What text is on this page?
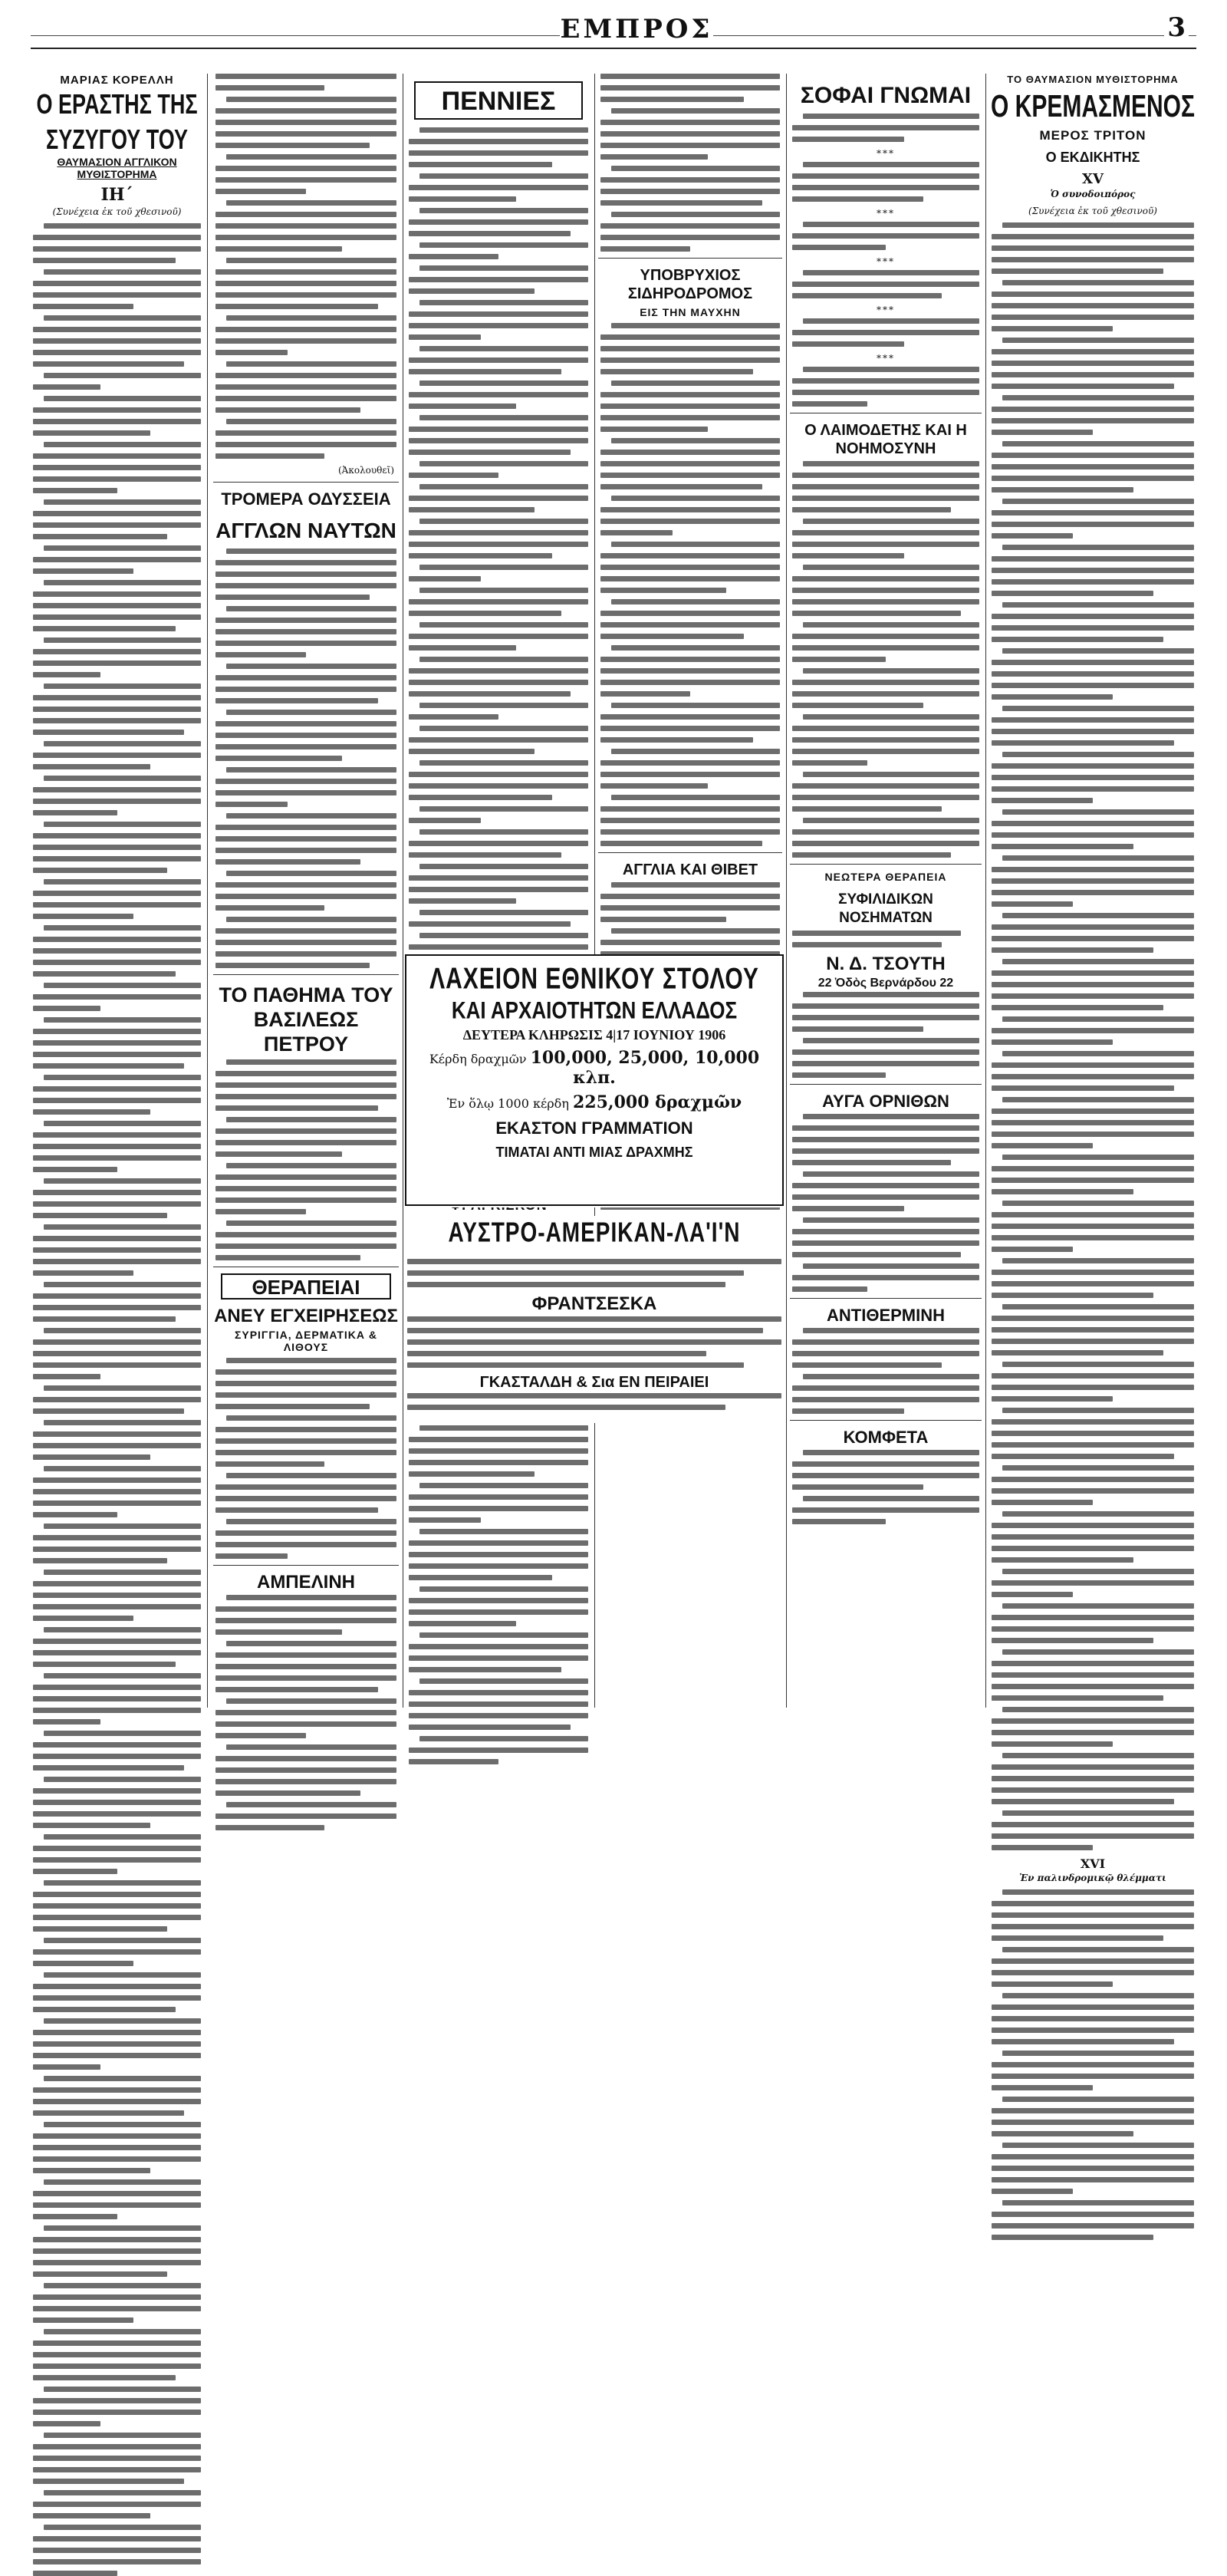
ΕΜΠΡΟΣ	3
ΜΑΡΙΑΣ ΚΟΡΕΛΛΗ
Ο ΕΡΑΣΤΗΣ ΤΗΣ ΣΥΖΥΓΟΥ ΤΟΥ
ΘΑΥΜΑΣΙΟΝ ΑΓΓΛΙΚΟΝ ΜΥΘΙΣΤΟΡΗΜΑ
ΙΗ΄
(Συνέχεια ἐκ τοῦ χθεσινοῦ)
(Ἀκολουθεῖ)
ΤΡΟΜΕΡΑ ΟΔΥΣΣΕΙΑ
ΑΓΓΛΩΝ ΝΑΥΤΩΝ
ΤΟ ΠΑΘΗΜΑ ΤΟΥ ΒΑΣΙΛΕΩΣ ΠΕΤΡΟΥ
ΘΕΡΑΠΕΙΑΙ
ΑΝΕΥ ΕΓΧΕΙΡΗΣΕΩΣ
ΣΥΡΙΓΓΙΑ, ΔΕΡΜΑΤΙΚΑ & ΛΙΘΟΥΣ
ΑΜΠΕΛΙΝΗ
ΠΕΝΝΙΕΣ
ΥΠΟΒΡΥΧΙΟΣ ΣΙΔΗΡΟΔΡΟΜΟΣ
ΕΙΣ ΤΗΝ ΜΑΥΧΗΝ
ΑΓΓΛΙΑ ΚΑΙ ΘΙΒΕΤ
ΛΑΧΕΙΟΝ ΕΘΝΙΚΟΥ ΣΤΟΛΟΥ
ΚΑΙ ΑΡΧΑΙΟΤΗΤΩΝ ΕΛΛΑΔΟΣ
ΔΕΥΤΕΡΑ ΚΛΗΡΩΣΙΣ 4|17 ΙΟΥΝΙΟΥ 1906
Κέρδη δραχμῶν 100,000, 25,000, 10,000 κλπ.
Ἐν ὅλῳ 1000 κέρδη 225,000 δραχμῶν
ΕΚΑΣΤΟΝ ΓΡΑΜΜΑΤΙΟΝ
ΤΙΜΑΤΑΙ ΑΝΤΙ ΜΙΑΣ ΔΡΑΧΜΗΣ
ΑΥΣΤΡΟ-ΑΜΕΡΙΚΑΝ-ΛΑ'Ι'Ν
ΦΡΑΝΤΣΕΣΚΑ
ΓΚΑΣΤΑΛΔΗ & Σια ΕΝ ΠΕΙΡΑΙΕΙ
ΣΟΦΑΙ ΓΝΩΜΑΙ
***
***
***
***
***
Ο ΛΑΙΜΟΔΕΤΗΣ ΚΑΙ Η ΝΟΗΜΟΣΥΝΗ
ΝΕΩΤΕΡΑ ΘΕΡΑΠΕΙΑ
ΣΥΦΙΛΙΔΙΚΩΝ ΝΟΣΗΜΑΤΩΝ
Ν. Δ. ΤΣΟΥΤΗ
22 Ὁδὸς Βερνάρδου 22
ΑΥΓΑ ΟΡΝΙΘΩΝ
ΑΝΤΙΘΕΡΜΙΝΗ
ΚΟΜΦΕΤΑ
ΤΟ ΘΑΥΜΑΣΙΟΝ ΜΥΘΙΣΤΟΡΗΜΑ
Ο ΚΡΕΜΑΣΜΕΝΟΣ
ΜΕΡΟΣ ΤΡΙΤΟΝ
Ο ΕΚΔΙΚΗΤΗΣ
ΧV
Ὁ συνοδοιπόρος
(Συνέχεια ἐκ τοῦ χθεσινοῦ)
ΧVI
Ἐν παλινδρομικῷ θλέμματι
